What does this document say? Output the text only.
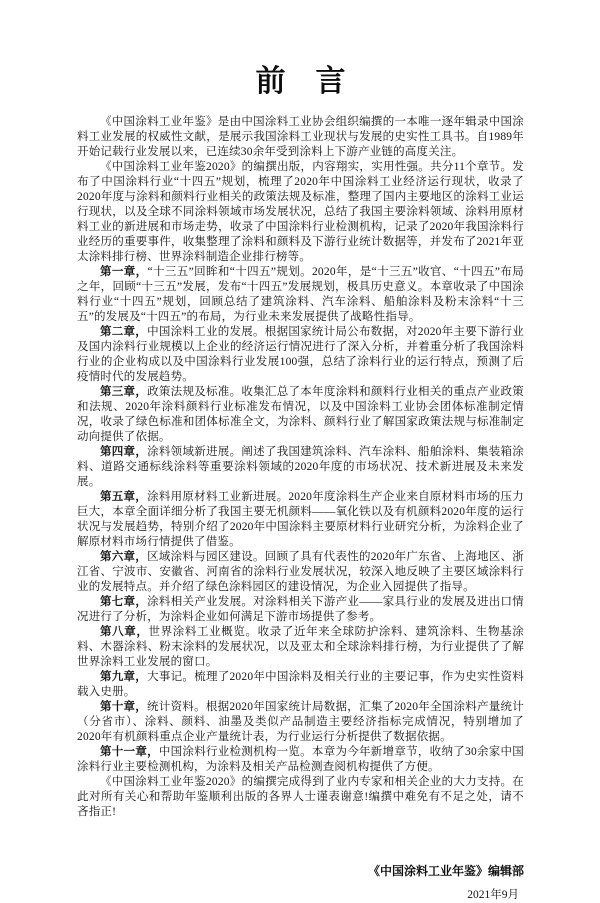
前　言

《中国涂料工业年鉴》是由中国涂料工业协会组织编撰的一本唯一逐年辑录中国涂料工业发展的权威性文献，是展示我国涂料工业现状与发展的史实性工具书。自1989年开始记载行业发展以来，已连续30余年受到涂料上下游产业链的高度关注。

《中国涂料工业年鉴2020》的编撰出版，内容翔实，实用性强。共分11个章节。发布了中国涂料行业“十四五”规划，梳理了2020年中国涂料工业经济运行现状，收录了2020年度与涂料和颜料行业相关的政策法规及标准，整理了国内主要地区的涂料工业运行现状，以及全球不同涂料领域市场发展状况，总结了我国主要涂料领域、涂料用原材料工业的新进展和市场走势，收录了中国涂料行业检测机构，记录了2020年我国涂料行业经历的重要事件，收集整理了涂料和颜料及下游行业统计数据等，并发布了2021年亚太涂料排行榜、世界涂料制造企业排行榜等。

第一章，“十三五”回眸和“十四五”规划。2020年，是“十三五”收官、“十四五”布局之年，回顾“十三五”发展，发布“十四五”发展规划，极具历史意义。本章收录了中国涂料行业“十四五”规划，回顾总结了建筑涂料、汽车涂料、船舶涂料及粉末涂料“十三五”的发展及“十四五”的布局，为行业未来发展提供了战略性指导。

第二章，中国涂料工业的发展。根据国家统计局公布数据，对2020年主要下游行业及国内涂料行业规模以上企业的经济运行情况进行了深入分析，并着重分析了我国涂料行业的企业构成以及中国涂料行业发展100强，总结了涂料行业的运行特点，预测了后疫情时代的发展趋势。

第三章，政策法规及标准。收集汇总了本年度涂料和颜料行业相关的重点产业政策和法规、2020年涂料颜料行业标准发布情况，以及中国涂料工业协会团体标准制定情况，收录了绿色标准和团体标准全文，为涂料、颜料行业了解国家政策法规与标准制定动向提供了依据。

第四章，涂料领域新进展。阐述了我国建筑涂料、汽车涂料、船舶涂料、集装箱涂料、道路交通标线涂料等重要涂料领域的2020年度的市场状况、技术新进展及未来发展。

第五章，涂料用原材料工业新进展。2020年度涂料生产企业来自原材料市场的压力巨大，本章全面详细分析了我国主要无机颜料——氧化铁以及有机颜料2020年度的运行状况与发展趋势，特别介绍了2020年中国涂料主要原材料行业研究分析，为涂料企业了解原材料市场行情提供了借鉴。

第六章，区域涂料与园区建设。回顾了具有代表性的2020年广东省、上海地区、浙江省、宁波市、安徽省、河南省的涂料行业发展状况，较深入地反映了主要区域涂料行业的发展特点。并介绍了绿色涂料园区的建设情况，为企业入园提供了指导。

第七章，涂料相关产业发展。对涂料相关下游产业——家具行业的发展及进出口情况进行了分析，为涂料企业如何满足下游市场提供了参考。

第八章，世界涂料工业概览。收录了近年来全球防护涂料、建筑涂料、生物基涂料、木器涂料、粉末涂料的发展状况，以及亚太和全球涂料排行榜，为行业提供了了解世界涂料工业发展的窗口。

第九章，大事记。梳理了2020年中国涂料及相关行业的主要记事，作为史实性资料载入史册。

第十章，统计资料。根据2020年国家统计局数据，汇集了2020年全国涂料产量统计（分省市）、涂料、颜料、油墨及类似产品制造主要经济指标完成情况，特别增加了2020年有机颜料重点企业产量统计表，为行业运行分析提供了数据依据。

第十一章，中国涂料行业检测机构一览。本章为今年新增章节，收纳了30余家中国涂料行业主要检测机构，为涂料及相关产品检测查阅机构提供了方便。

《中国涂料工业年鉴2020》的编撰完成得到了业内专家和相关企业的大力支持。在此对所有关心和帮助年鉴顺利出版的各界人士谨表谢意!编撰中难免有不足之处，请不吝指正!

《中国涂料工业年鉴》编辑部
2021年9月
